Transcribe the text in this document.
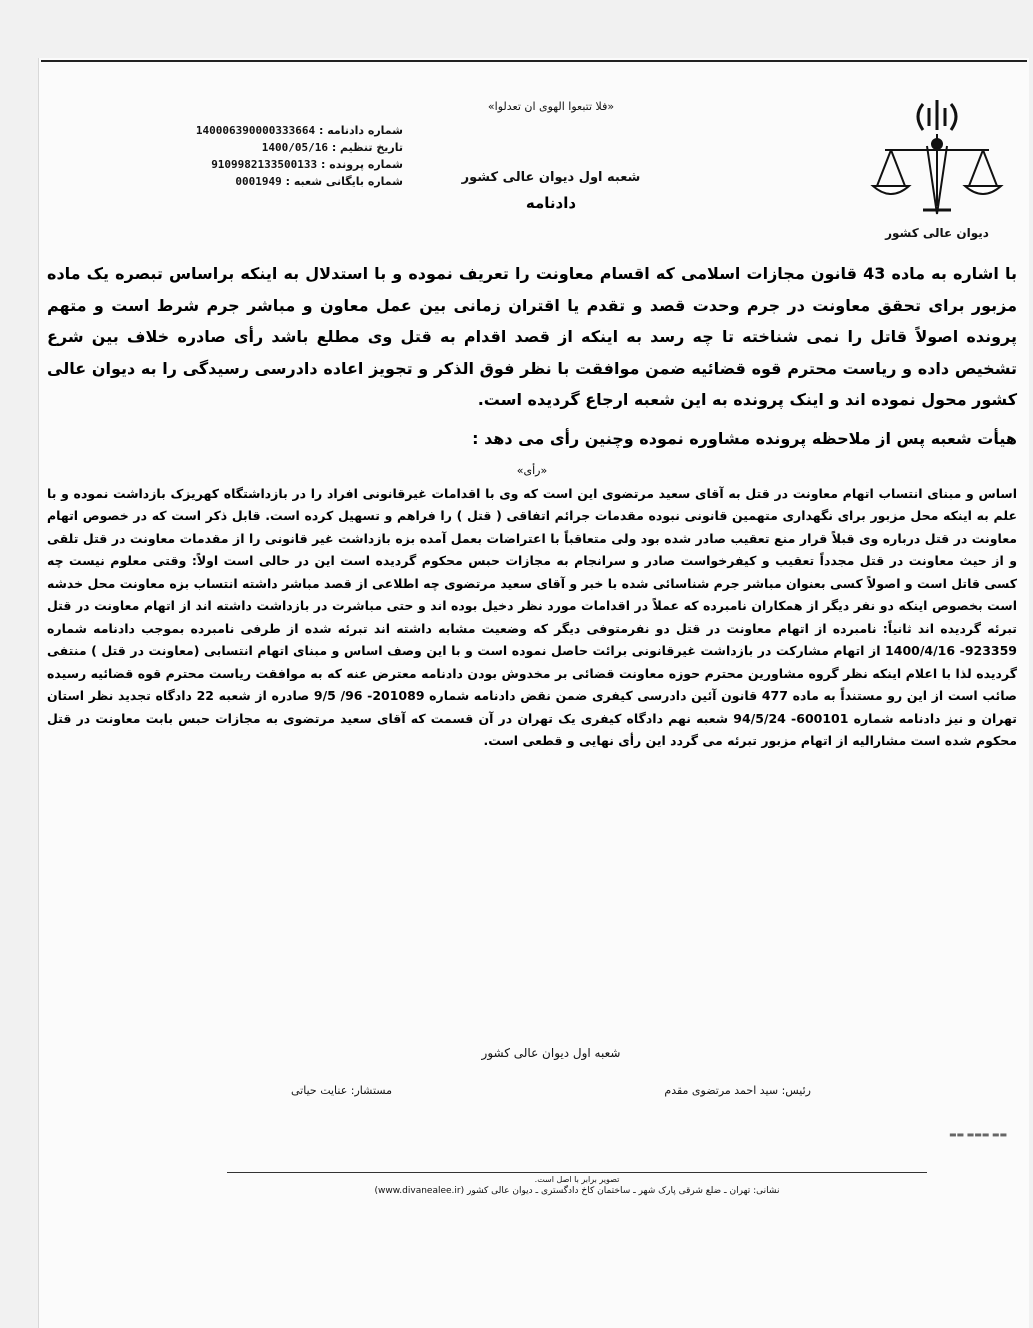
دیوان عالی کشور
«فلا تتبعوا الهوی ان تعدلوا»
شعبه اول دیوان عالی کشور
دادنامه
شماره دادنامه : 140006390000333664
تاریخ تنظیم : 1400/05/16
شماره پرونده : 9109982133500133
شماره بایگانی شعبه : 0001949

با اشاره به ماده 43 قانون مجازات اسلامی که اقسام معاونت را تعریف نموده و با استدلال به اینکه براساس تبصره یک ماده مزبور برای تحقق معاونت در جرم وحدت قصد و تقدم یا اقتران زمانی بین عمل معاون و مباشر جرم شرط است و متهم پرونده اصولاً قاتل را نمی شناخته تا چه رسد به اینکه از قصد اقدام به قتل وی مطلع باشد رأی صادره خلاف بین شرع تشخیص داده و ریاست محترم قوه قضائیه ضمن موافقت با نظر فوق الذکر و تجویز اعاده دادرسی رسیدگی را به دیوان عالی کشور محول نموده اند و اینک پرونده به این شعبه ارجاع گردیده است.

هیأت شعبه پس از ملاحظه پرونده مشاوره نموده وچنین رأی می دهد :

«رأی»

اساس و مبنای انتساب اتهام معاونت در قتل به آقای سعید مرتضوی این است که وی با اقدامات غیرقانونی افراد را در بازداشتگاه کهریزک بازداشت نموده و با علم به اینکه محل مزبور برای نگهداری متهمین قانونی نبوده مقدمات جرائم اتفاقی ( قتل ) را فراهم و تسهیل کرده است. قابل ذکر است که در خصوص اتهام معاونت در قتل درباره وی قبلاً قرار منع تعقیب صادر شده بود ولی متعاقباً با اعتراضات بعمل آمده بزه بازداشت غیر قانونی را از مقدمات معاونت در قتل تلقی و از حیث معاونت در قتل مجدداً تعقیب و کیفرخواست صادر و سرانجام به مجازات حبس محکوم گردیده است این در حالی است اولاً: وقتی معلوم نیست چه کسی قاتل است و اصولاً کسی بعنوان مباشر جرم شناسائی شده با خبر و آقای سعید مرتضوی چه اطلاعی از قصد مباشر داشته انتساب بزه معاونت محل خدشه است بخصوص اینکه دو نفر دیگر از همکاران نامبرده که عملاً در اقدامات مورد نظر دخیل بوده اند و حتی مباشرت در بازداشت داشته اند از اتهام معاونت در قتل تبرئه گردیده اند ثانیاً: نامبرده از اتهام معاونت در قتل دو نفرمتوفی دیگر که وضعیت مشابه داشته اند تبرئه شده از طرفی نامبرده بموجب دادنامه شماره 923359- 1400/4/16 از اتهام مشارکت در بازداشت غیرقانونی برائت حاصل نموده است و با این وصف اساس و مبنای اتهام انتسابی (معاونت در قتل ) منتفی گردیده لذا با اعلام اینکه نظر گروه مشاورین محترم حوزه معاونت قضائی بر مخدوش بودن دادنامه معترض عنه که به موافقت ریاست محترم قوه قضائیه رسیده صائب است از این رو مستنداً به ماده 477 قانون آئین دادرسی کیفری ضمن نقض دادنامه شماره 201089- 96/ 9/5 صادره از شعبه 22 دادگاه تجدید نظر استان تهران و نیز دادنامه شماره 600101- 94/5/24 شعبه نهم دادگاه کیفری یک تهران در آن قسمت که آقای سعید مرتضوی به مجازات حبس بابت معاونت در قتل محکوم شده است مشارالیه از اتهام مزبور تبرئه می گردد این رأی نهایی و قطعی است.

شعبه اول دیوان عالی کشور
رئیس: سید احمد مرتضوی مقدم
مستشار: عنایت حیاتی
▬▬ ▬▬▬ ▬▬
تصویر برابر با اصل است.
نشانی: تهران ـ ضلع شرقی پارک شهر ـ ساختمان کاخ دادگستری ـ دیوان عالی کشور (www.divanealee.ir)
